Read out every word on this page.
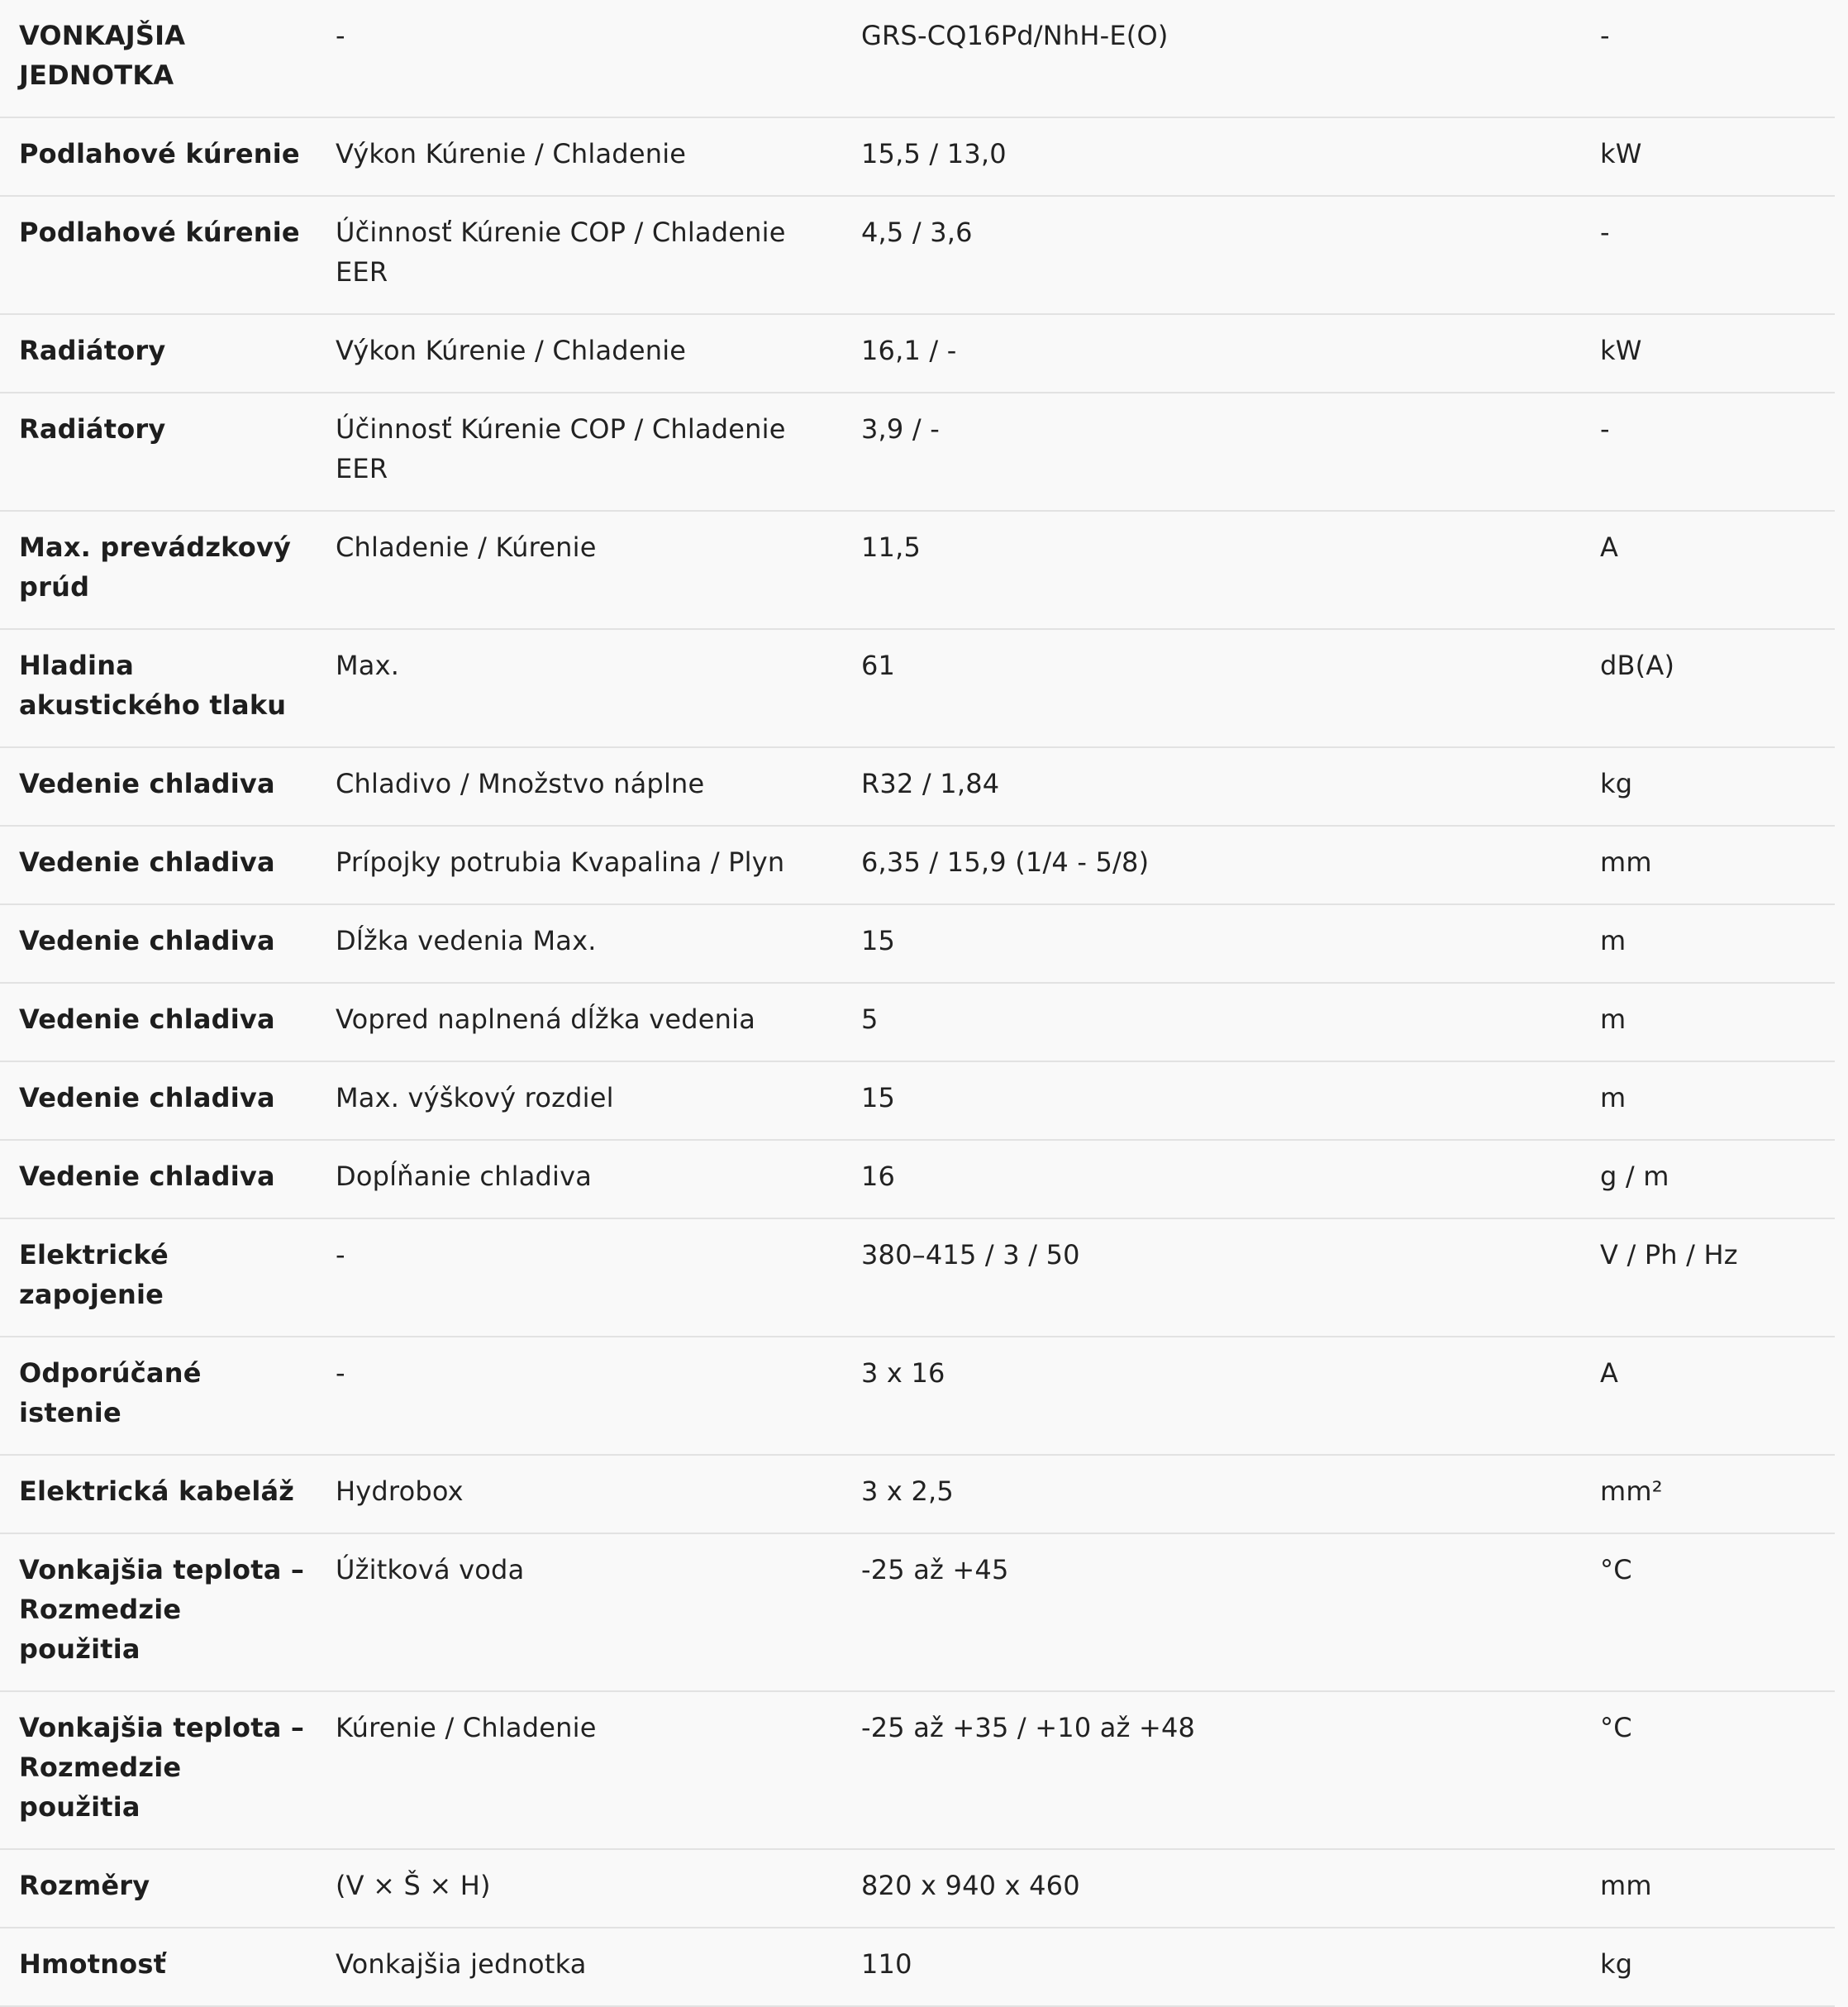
VONKAJŠIA JEDNOTKA	-	GRS-CQ16Pd/NhH-E(O)	-
Podlahové kúrenie	Výkon Kúrenie / Chladenie	15,5 / 13,0	kW
Podlahové kúrenie	Účinnosť Kúrenie COP / Chladenie EER	4,5 / 3,6	-
Radiátory	Výkon Kúrenie / Chladenie	16,1 / -	kW
Radiátory	Účinnosť Kúrenie COP / Chladenie EER	3,9 / -	-
Max. prevádzkový prúd	Chladenie / Kúrenie	11,5	A
Hladina akustického tlaku	Max.	61	dB(A)
Vedenie chladiva	Chladivo / Množstvo náplne	R32 / 1,84	kg
Vedenie chladiva	Prípojky potrubia Kvapalina / Plyn	6,35 / 15,9 (1/4 - 5/8)	mm
Vedenie chladiva	Dĺžka vedenia Max.	15	m
Vedenie chladiva	Vopred naplnená dĺžka vedenia	5	m
Vedenie chladiva	Max. výškový rozdiel	15	m
Vedenie chladiva	Dopĺňanie chladiva	16	g / m
Elektrické zapojenie	-	380–415 / 3 / 50	V / Ph / Hz
Odporúčané istenie	-	3 x 16	A
Elektrická kabeláž	Hydrobox	3 x 2,5	mm²
Vonkajšia teplota – Rozmedzie použitia	Úžitková voda	-25 až +45	°C
Vonkajšia teplota – Rozmedzie použitia	Kúrenie / Chladenie	-25 až +35 / +10 až +48	°C
Rozměry	(V × Š × H)	820 x 940 x 460	mm
Hmotnosť	Vonkajšia jednotka	110	kg
